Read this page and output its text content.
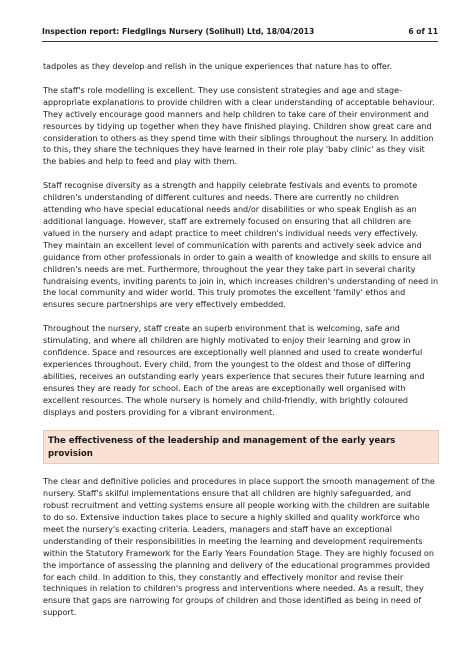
Inspection report: Fledglings Nursery (Solihull) Ltd, 18/04/2013	6 of 11

tadpoles as they develop and relish in the unique experiences that nature has to offer.

The staff's role modelling is excellent. They use consistent strategies and age and stage-appropriate explanations to provide children with a clear understanding of acceptable behaviour. They actively encourage good manners and help children to take care of their environment and resources by tidying up together when they have finished playing. Children show great care and consideration to others as they spend time with their siblings throughout the nursery. In addition to this, they share the techniques they have learned in their role play 'baby clinic' as they visit the babies and help to feed and play with them.

Staff recognise diversity as a strength and happily celebrate festivals and events to promote children's understanding of different cultures and needs. There are currently no children attending who have special educational needs and/or disabilities or who speak English as an additional language. However, staff are extremely focused on ensuring that all children are valued in the nursery and adapt practice to meet children's individual needs very effectively. They maintain an excellent level of communication with parents and actively seek advice and guidance from other professionals in order to gain a wealth of knowledge and skills to ensure all children's needs are met. Furthermore, throughout the year they take part in several charity fundraising events, inviting parents to join in, which increases children's understanding of need in the local community and wider world. This truly promotes the excellent 'family' ethos and ensures secure partnerships are very effectively embedded.

Throughout the nursery, staff create an superb environment that is welcoming, safe and stimulating, and where all children are highly motivated to enjoy their learning and grow in confidence. Space and resources are exceptionally well planned and used to create wonderful experiences throughout. Every child, from the youngest to the oldest and those of differing abilities, receives an outstanding early years experience that secures their future learning and ensures they are ready for school. Each of the areas are exceptionally well organised with excellent resources. The whole nursery is homely and child-friendly, with brightly coloured displays and posters providing for a vibrant environment.

The effectiveness of the leadership and management of the early years provision

The clear and definitive policies and procedures in place support the smooth management of the nursery. Staff's skilful implementations ensure that all children are highly safeguarded, and robust recruitment and vetting systems ensure all people working with the children are suitable to do so. Extensive induction takes place to secure a highly skilled and quality workforce who meet the nursery's exacting criteria. Leaders, managers and staff have an exceptional understanding of their responsibilities in meeting the learning and development requirements within the Statutory Framework for the Early Years Foundation Stage. They are highly focused on the importance of assessing the planning and delivery of the educational programmes provided for each child. In addition to this, they constantly and effectively monitor and revise their techniques in relation to children's progress and interventions where needed. As a result, they ensure that gaps are narrowing for groups of children and those identified as being in need of support.
